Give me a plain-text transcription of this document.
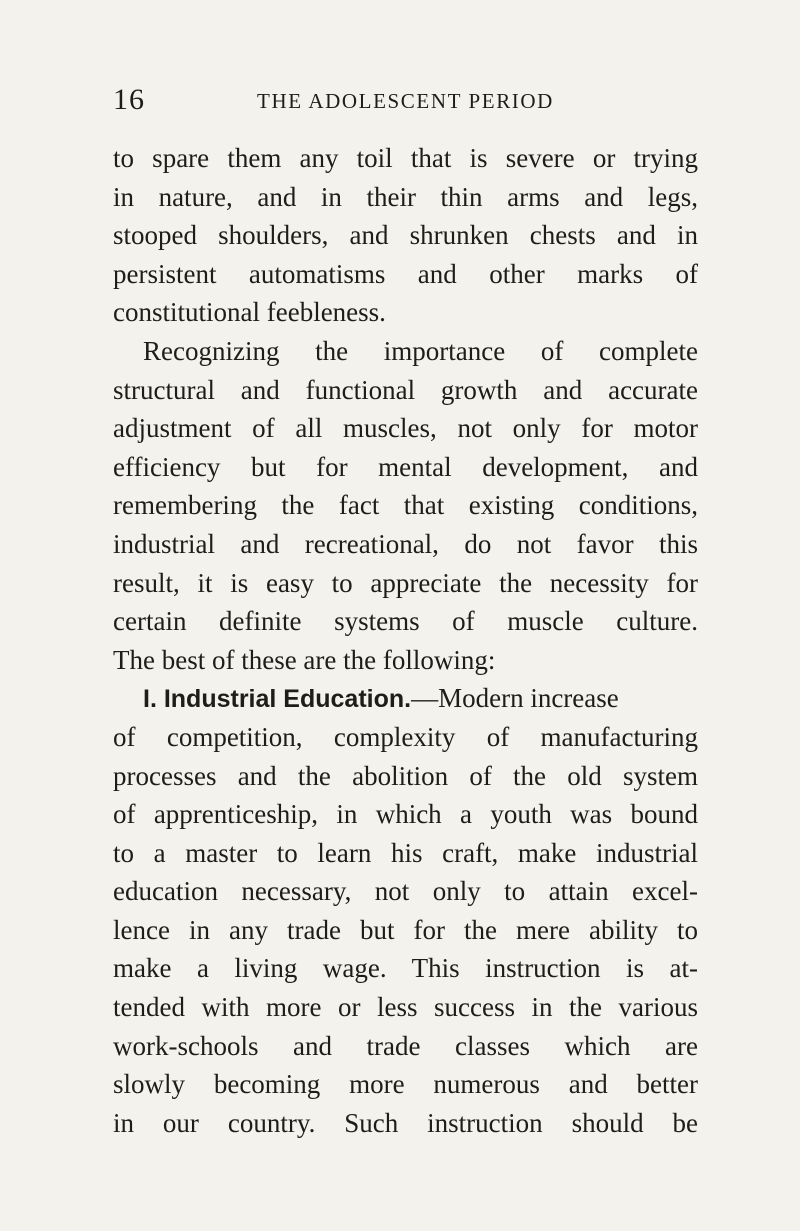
16	THE ADOLESCENT PERIOD
to spare them any toil that is severe or trying
in nature, and in their thin arms and legs,
stooped shoulders, and shrunken chests and in
persistent automatisms and other marks of
constitutional feebleness.
Recognizing the importance of complete
structural and functional growth and accurate
adjustment of all muscles, not only for motor
efficiency but for mental development, and
remembering the fact that existing conditions,
industrial and recreational, do not favor this
result, it is easy to appreciate the necessity for
certain definite systems of muscle culture.
The best of these are the following:
I. Industrial Education.—Modern increase
of competition, complexity of manufacturing
processes and the abolition of the old system
of apprenticeship, in which a youth was bound
to a master to learn his craft, make industrial
education necessary, not only to attain excel-
lence in any trade but for the mere ability to
make a living wage. This instruction is at-
tended with more or less success in the various
work-schools and trade classes which are
slowly becoming more numerous and better
in our country. Such instruction should be
